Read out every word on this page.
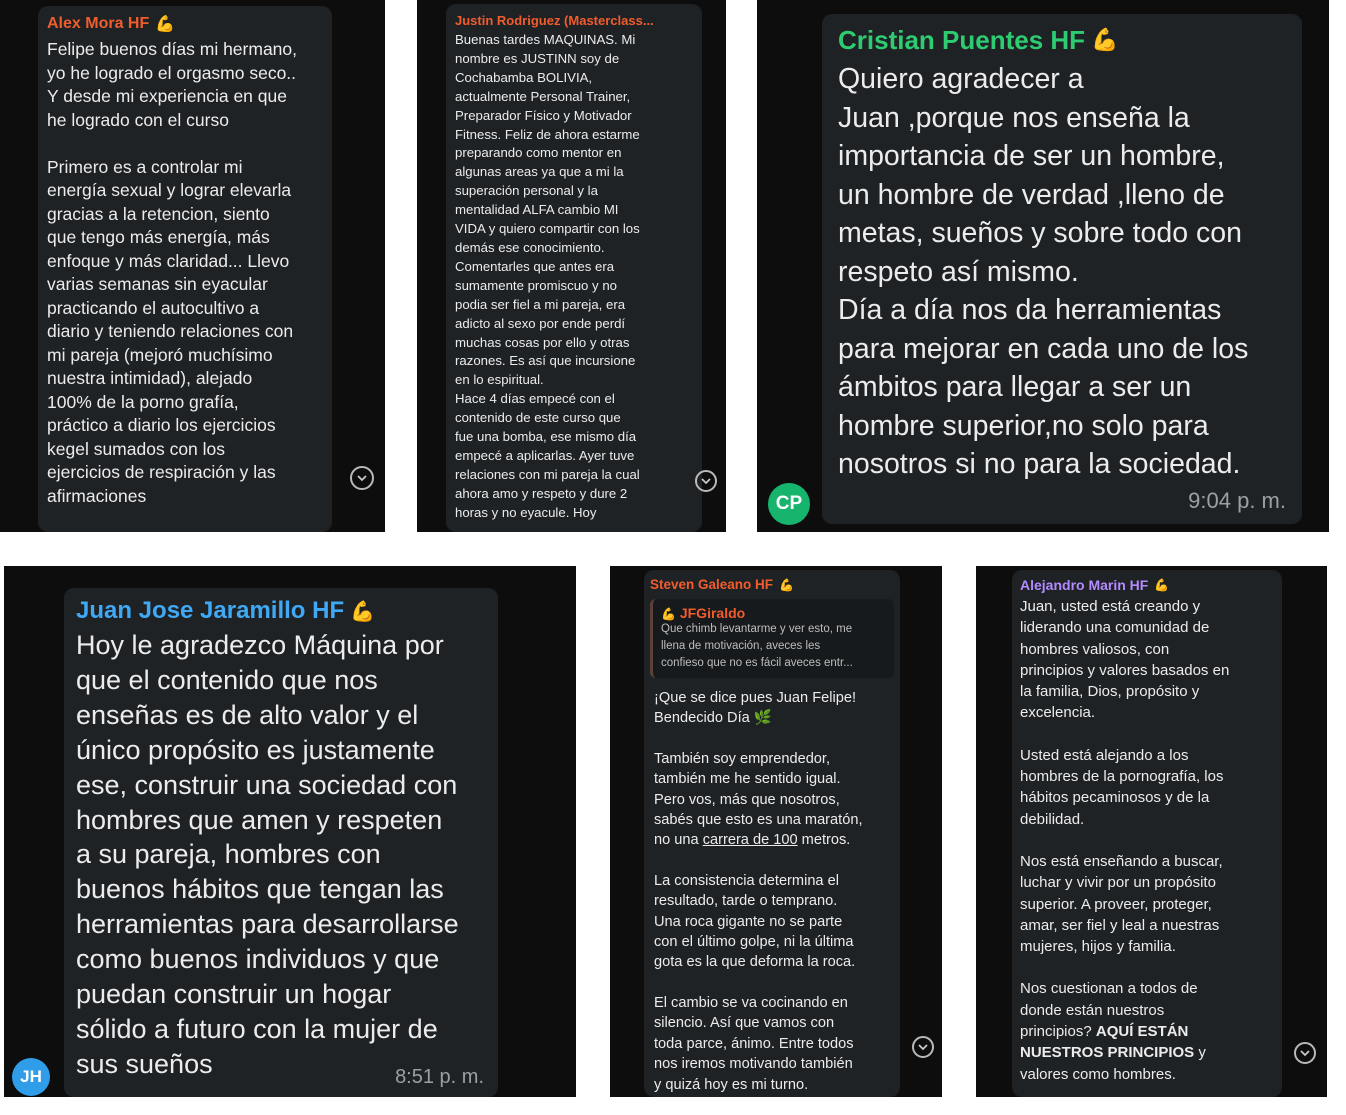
Alex Mora HF 💪
Felipe buenos días mi hermano,
yo he logrado el orgasmo seco..
Y desde mi experiencia en que
he logrado con el curso

Primero es a controlar mi
energía sexual y lograr elevarla
gracias a la retencion, siento
que tengo más energía, más
enfoque y más claridad... Llevo
varias semanas sin eyacular
practicando el autocultivo a
diario y teniendo relaciones con
mi pareja (mejoró muchísimo
nuestra intimidad), alejado
100% de la porno grafía,
práctico a diario los ejercicios
kegel sumados con los
ejercicios de respiración y las
afirmaciones
Justin Rodriguez (Masterclass...
Buenas tardes MAQUINAS. Mi
nombre es JUSTINN soy de
Cochabamba BOLIVIA,
actualmente Personal Trainer,
Preparador Físico y Motivador
Fitness. Feliz de ahora estarme
preparando como mentor en
algunas areas ya que a mi la
superación personal y la
mentalidad ALFA cambio MI
VIDA y quiero compartir con los
demás ese conocimiento.
Comentarles que antes era
sumamente promiscuo y no
podia ser fiel a mi pareja, era
adicto al sexo por ende perdí
muchas cosas por ello y otras
razones. Es así que incursione
en lo espiritual.
Hace 4 días empecé con el
contenido de este curso que
fue una bomba, ese mismo día
empecé a aplicarlas. Ayer tuve
relaciones con mi pareja la cual
ahora amo y respeto y dure 2
horas y no eyacule. Hoy
Cristian Puentes HF 💪
Quiero agradecer a
Juan ,porque nos enseña la
importancia de ser un hombre,
un hombre de verdad ,lleno de
metas, sueños y sobre todo con
respeto así mismo.
Día a día nos da herramientas
para mejorar en cada uno de los
ámbitos para llegar a ser un
hombre superior,no solo para
nosotros si no para la sociedad.
9:04 p. m.
CP
Juan Jose Jaramillo HF 💪
Hoy le agradezco Máquina por
que el contenido que nos
enseñas es de alto valor y el
único propósito es justamente
ese, construir una sociedad con
hombres que amen y respeten
a su pareja, hombres con
buenos hábitos que tengan las
herramientas para desarrollarse
como buenos individuos y que
puedan construir un hogar
sólido a futuro con la mujer de
sus sueños	8:51 p. m.
JH
Steven Galeano HF 💪
💪 JFGiraldo
Que chimb levantarme y ver esto, me
llena de motivación, aveces les
confieso que no es fácil aveces entr...
¡Que se dice pues Juan Felipe!
Bendecido Día 🌿
También soy emprendedor,
también me he sentido igual.
Pero vos, más que nosotros,
sabés que esto es una maratón,
no una carrera de 100 metros.
La consistencia determina el
resultado, tarde o temprano.
Una roca gigante no se parte
con el último golpe, ni la última
gota es la que deforma la roca.
El cambio se va cocinando en
silencio. Así que vamos con
toda parce, ánimo. Entre todos
nos iremos motivando también
y quizá hoy es mi turno.
Alejandro Marin HF 💪
Juan, usted está creando y
liderando una comunidad de
hombres valiosos, con
principios y valores basados en
la familia, Dios, propósito y
excelencia.
Usted está alejando a los
hombres de la pornografía, los
hábitos pecaminosos y de la
debilidad.
Nos está enseñando a buscar,
luchar y vivir por un propósito
superior. A proveer, proteger,
amar, ser fiel y leal a nuestras
mujeres, hijos y familia.
Nos cuestionan a todos de
donde están nuestros
principios? AQUÍ ESTÁN
NUESTROS PRINCIPIOS y
valores como hombres.
